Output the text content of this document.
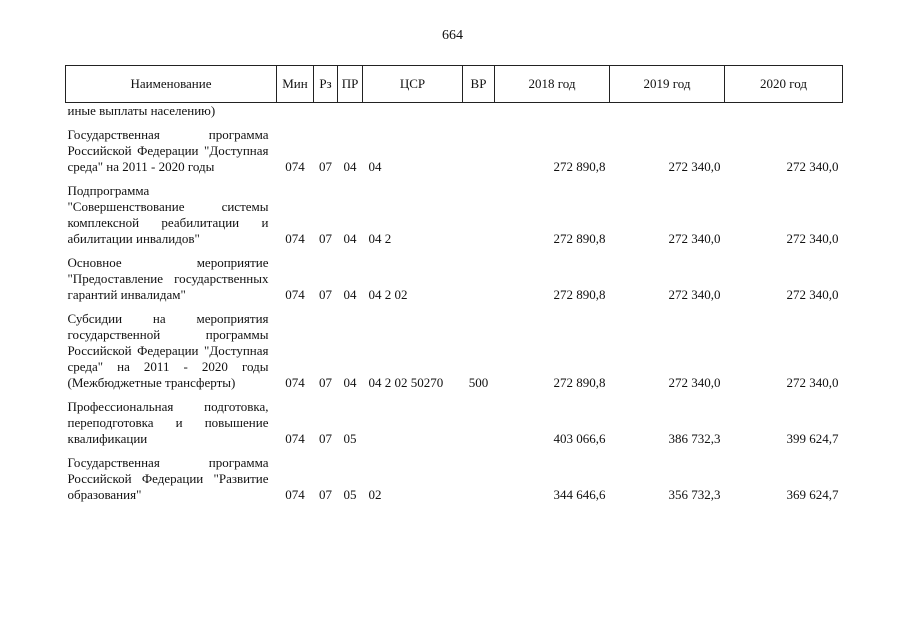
664
Наименование	Мин	Рз	ПР	ЦСР	ВР	2018 год	2019 год	2020 год
иные выплаты населению)								

Государственная программа Российской Федерации "Доступная среда" на 2011 - 2020 годы	074	07	04	04		272 890,8	272 340,0	272 340,0

Подпрограмма "Совершенствование системы комплексной реабилитации и абилитации инвалидов"	074	07	04	04 2		272 890,8	272 340,0	272 340,0

Основное мероприятие "Предоставление государственных гарантий инвалидам"	074	07	04	04 2 02		272 890,8	272 340,0	272 340,0

Субсидии на мероприятия государственной программы Российской Федерации "Доступная среда" на 2011 - 2020 годы (Межбюджетные трансферты)	074	07	04	04 2 02 50270	500	272 890,8	272 340,0	272 340,0

Профессиональная подготовка, переподготовка и повышение квалификации	074	07	05			403 066,6	386 732,3	399 624,7

Государственная программа Российской Федерации "Развитие образования"	074	07	05	02		344 646,6	356 732,3	369 624,7
